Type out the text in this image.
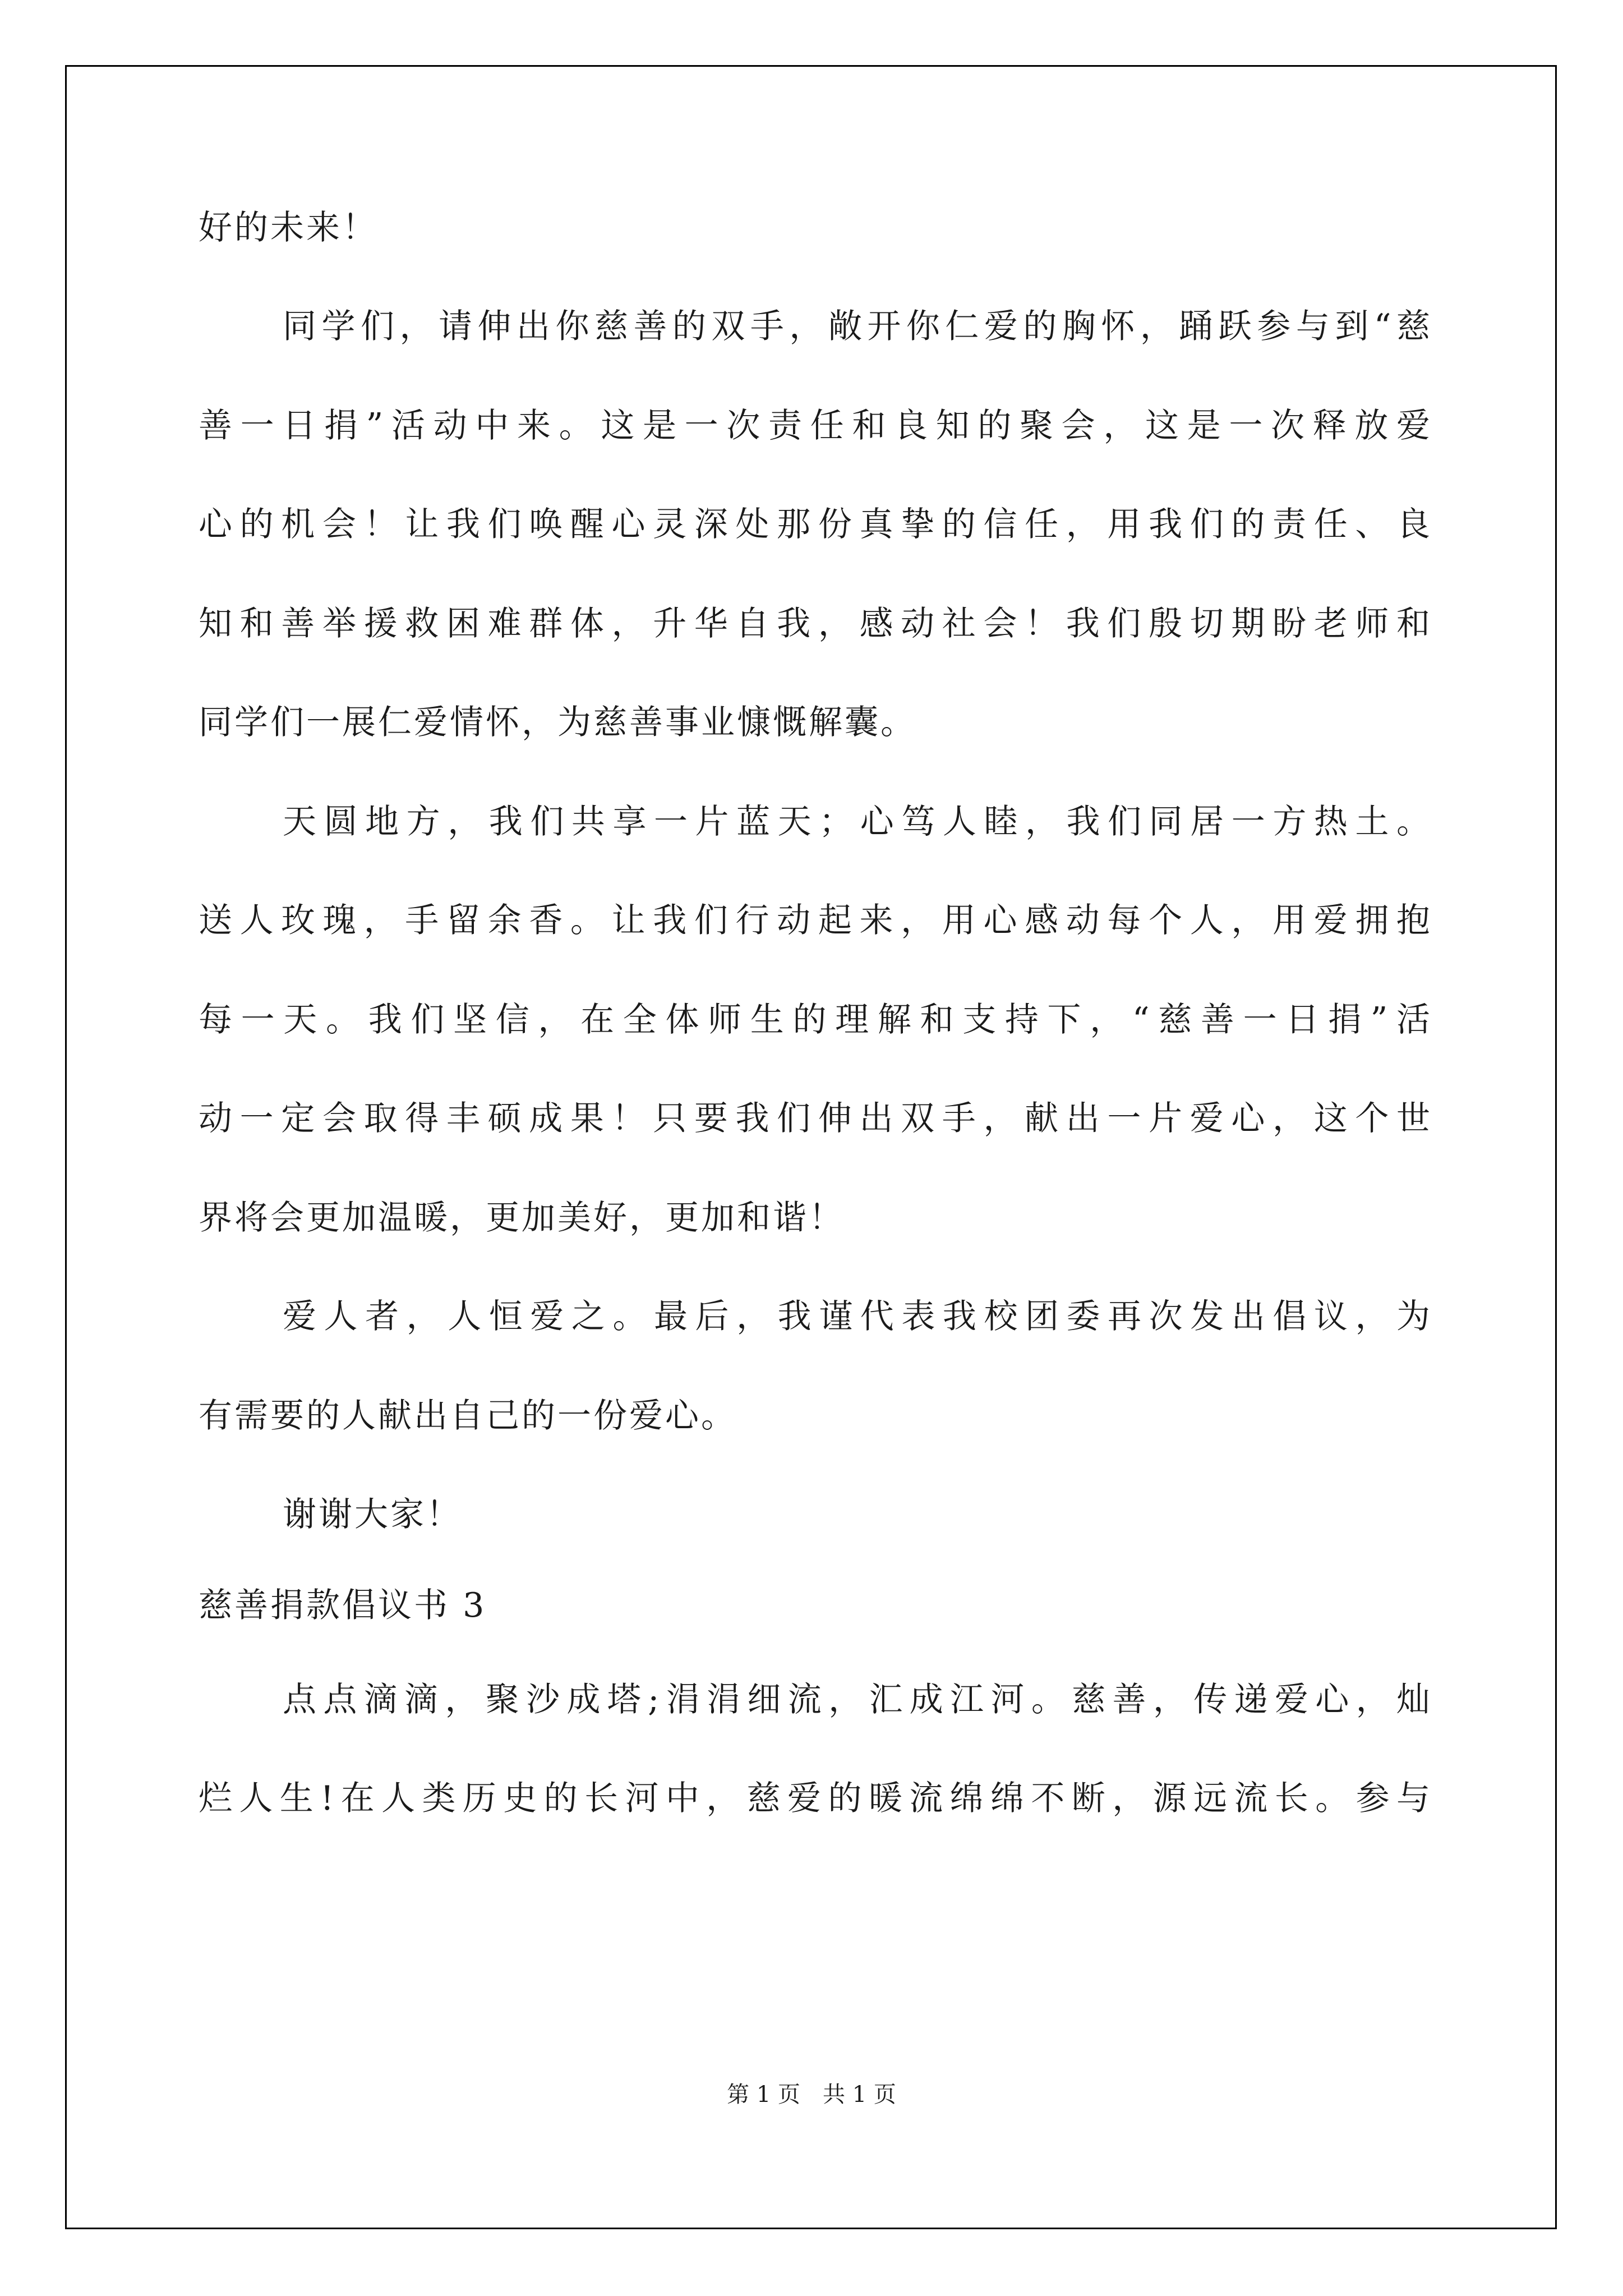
好的未来！
同学们，请伸出你慈善的双手，敞开你仁爱的胸怀，踊跃参与到“慈
善一日捐”活动中来。这是一次责任和良知的聚会，这是一次释放爱
心的机会！让我们唤醒心灵深处那份真挚的信任，用我们的责任、良
知和善举援救困难群体，升华自我，感动社会！我们殷切期盼老师和
同学们一展仁爱情怀，为慈善事业慷慨解囊。
天圆地方，我们共享一片蓝天；心笃人睦，我们同居一方热土。
送人玫瑰，手留余香。让我们行动起来，用心感动每个人，用爱拥抱
每一天。我们坚信，在全体师生的理解和支持下，“慈善一日捐”活
动一定会取得丰硕成果！只要我们伸出双手，献出一片爱心，这个世
界将会更加温暖，更加美好，更加和谐！
爱人者，人恒爱之。最后，我谨代表我校团委再次发出倡议，为
有需要的人献出自己的一份爱心。
谢谢大家！
慈善捐款倡议书 3
点点滴滴，聚沙成塔;涓涓细流，汇成江河。慈善，传递爱心，灿
烂人生!在人类历史的长河中，慈爱的暖流绵绵不断，源远流长。参与
第 1 页　共 1 页
